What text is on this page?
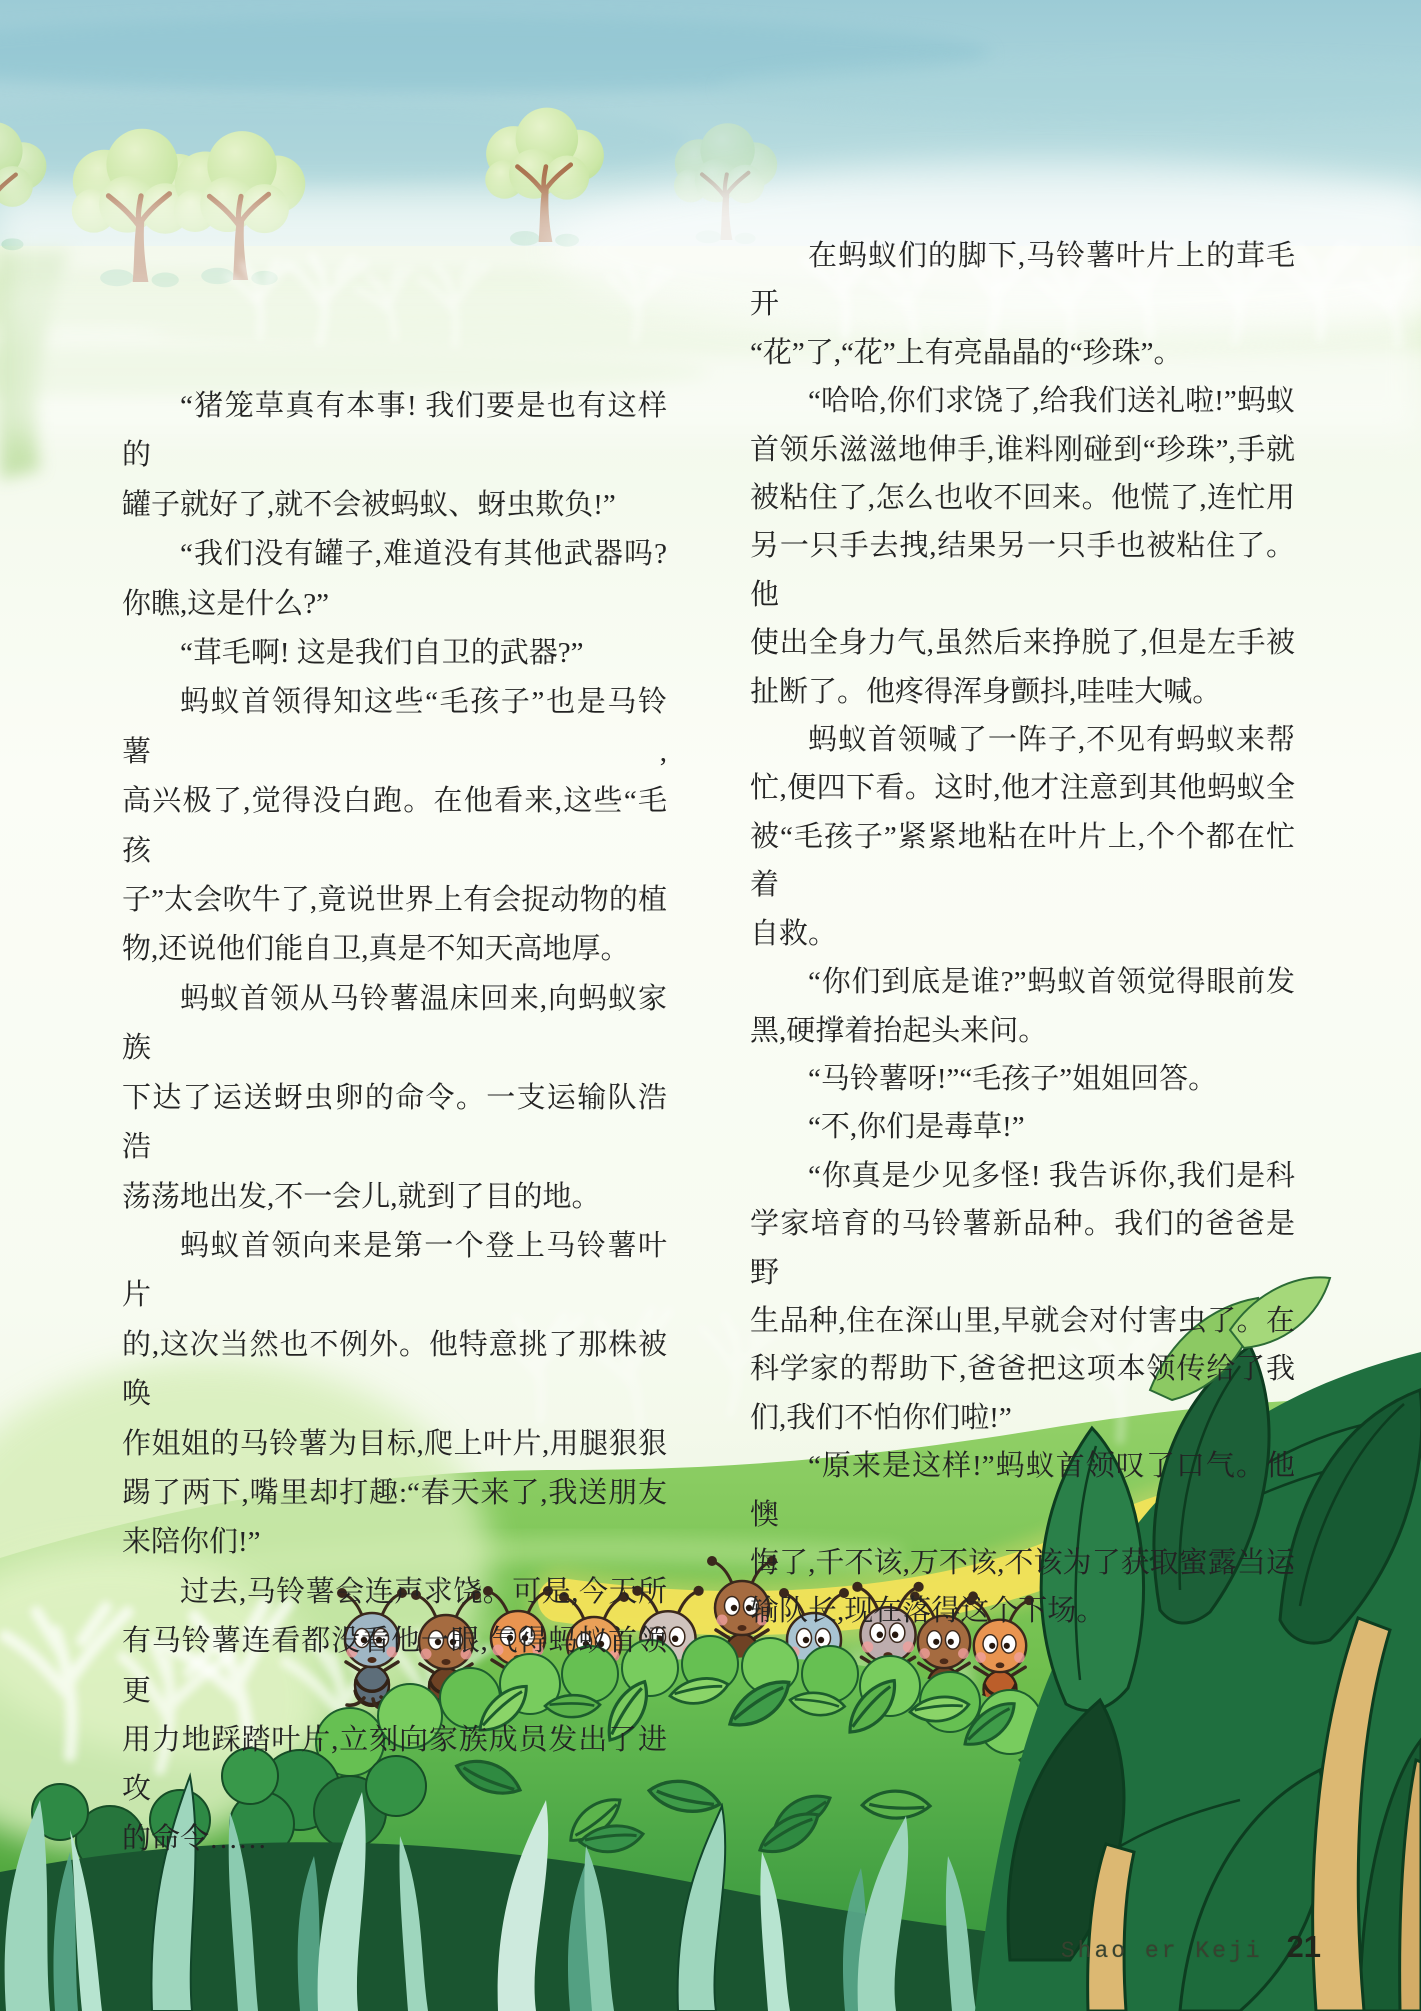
“猪笼草真有本事! 我们要是也有这样的
罐子就好了,就不会被蚂蚁、蚜虫欺负!”
“我们没有罐子,难道没有其他武器吗?
你瞧,这是什么?”
“茸毛啊! 这是我们自卫的武器?”
蚂蚁首领得知这些“毛孩子”也是马铃薯,
高兴极了,觉得没白跑。在他看来,这些“毛孩
子”太会吹牛了,竟说世界上有会捉动物的植
物,还说他们能自卫,真是不知天高地厚。
蚂蚁首领从马铃薯温床回来,向蚂蚁家族
下达了运送蚜虫卵的命令。一支运输队浩浩
荡荡地出发,不一会儿,就到了目的地。
蚂蚁首领向来是第一个登上马铃薯叶片
的,这次当然也不例外。他特意挑了那株被唤
作姐姐的马铃薯为目标,爬上叶片,用腿狠狠
踢了两下,嘴里却打趣:“春天来了,我送朋友
来陪你们!”
过去,马铃薯会连声求饶。可是,今天所
有马铃薯连看都没看他一眼,气得蚂蚁首领更
用力地踩踏叶片,立刻向家族成员发出了进攻
的命令……
在蚂蚁们的脚下,马铃薯叶片上的茸毛开
“花”了,“花”上有亮晶晶的“珍珠”。
“哈哈,你们求饶了,给我们送礼啦!”蚂蚁
首领乐滋滋地伸手,谁料刚碰到“珍珠”,手就
被粘住了,怎么也收不回来。他慌了,连忙用
另一只手去拽,结果另一只手也被粘住了。他
使出全身力气,虽然后来挣脱了,但是左手被
扯断了。他疼得浑身颤抖,哇哇大喊。
蚂蚁首领喊了一阵子,不见有蚂蚁来帮
忙,便四下看。这时,他才注意到其他蚂蚁全
被“毛孩子”紧紧地粘在叶片上,个个都在忙着
自救。
“你们到底是谁?”蚂蚁首领觉得眼前发
黑,硬撑着抬起头来问。
“马铃薯呀!”“毛孩子”姐姐回答。
“不,你们是毒草!”
“你真是少见多怪! 我告诉你,我们是科
学家培育的马铃薯新品种。我们的爸爸是野
生品种,住在深山里,早就会对付害虫了。在
科学家的帮助下,爸爸把这项本领传给了我
们,我们不怕你们啦!”
“原来是这样!”蚂蚁首领叹了口气。他懊
悔了,千不该,万不该,不该为了获取蜜露当运
输队长,现在落得这个下场。
Shao er Keji 21
